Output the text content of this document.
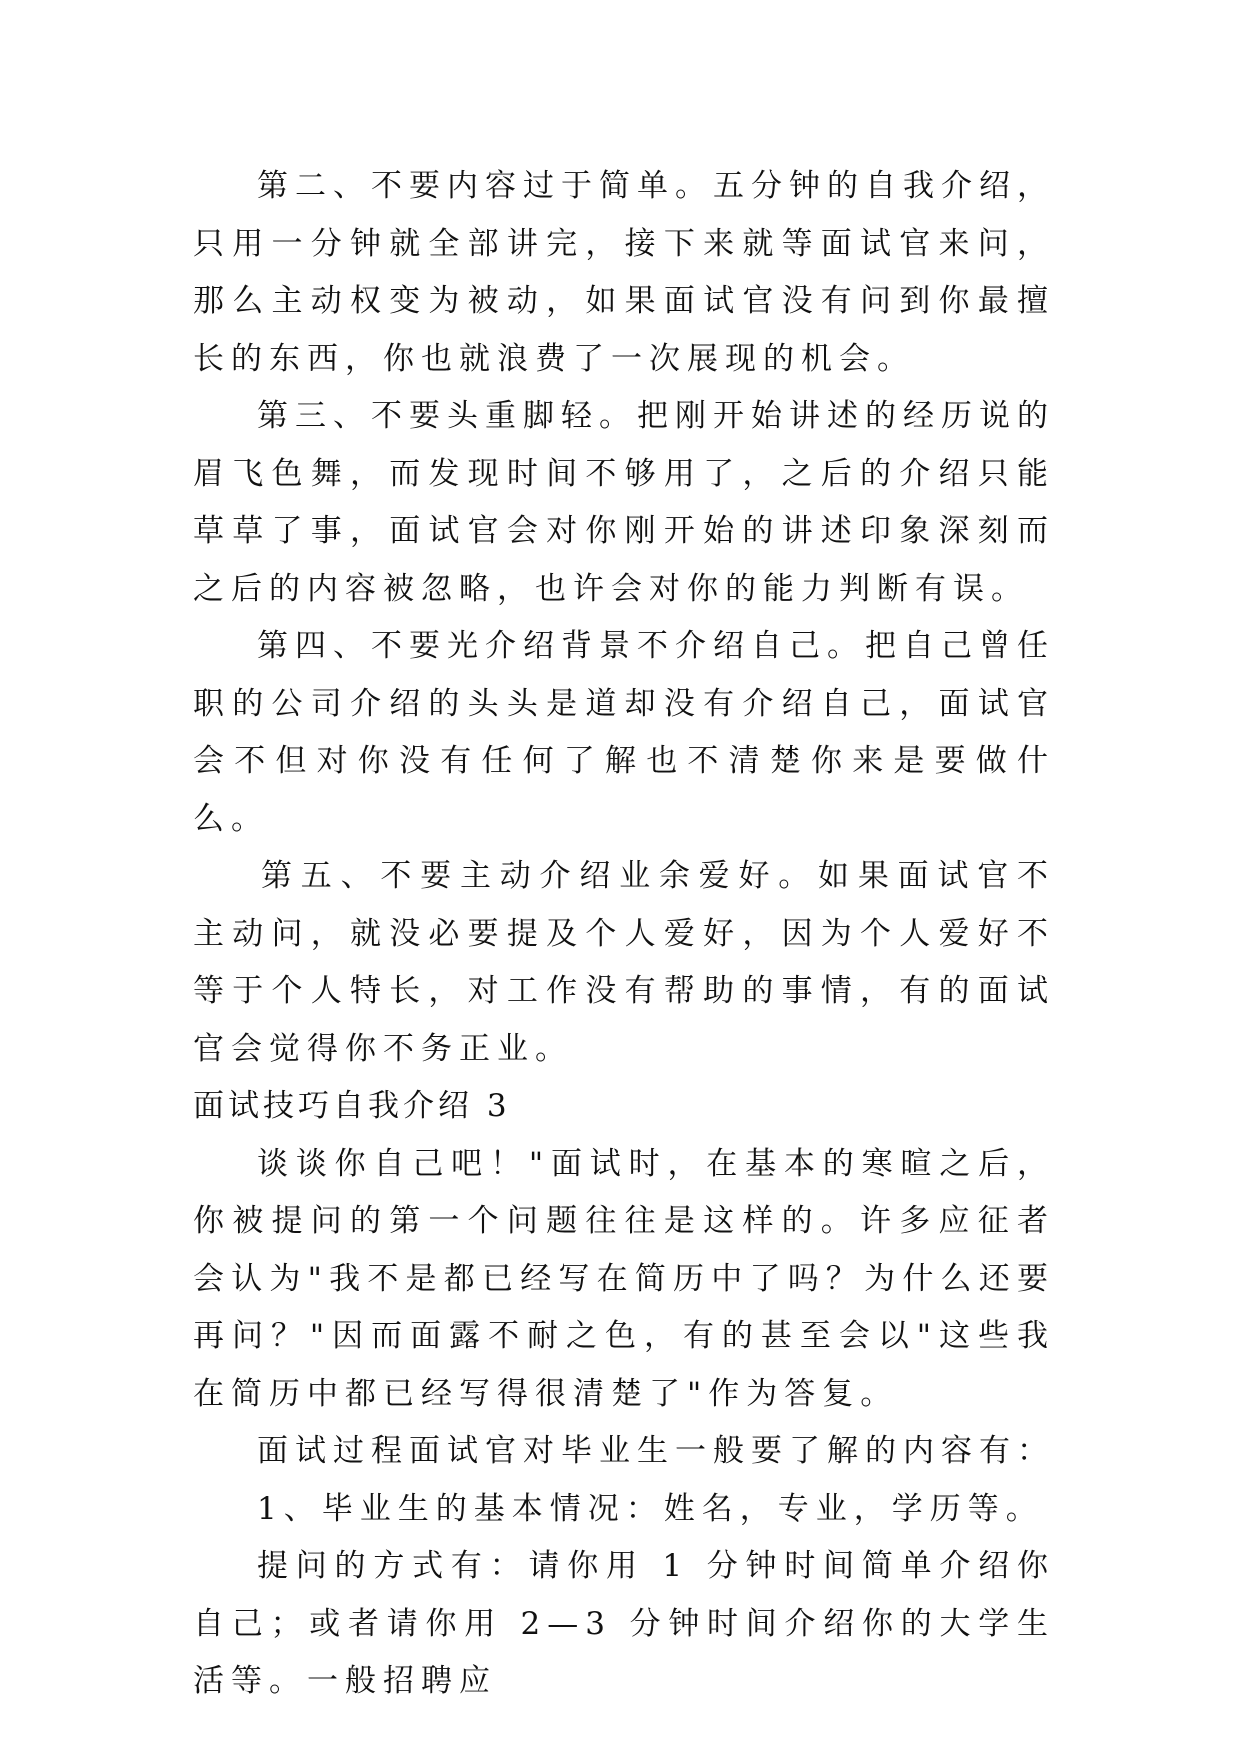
第二、不要内容过于简单。五分钟的自我介绍，只用一分钟就全部讲完，接下来就等面试官来问，那么主动权变为被动，如果面试官没有问到你最擅长的东西，你也就浪费了一次展现的机会。

第三、不要头重脚轻。把刚开始讲述的经历说的眉飞色舞，而发现时间不够用了，之后的介绍只能草草了事，面试官会对你刚开始的讲述印象深刻而之后的内容被忽略，也许会对你的能力判断有误。

第四、不要光介绍背景不介绍自己。把自己曾任职的公司介绍的头头是道却没有介绍自己，面试官会不但对你没有任何了解也不清楚你来是要做什么。

第五、不要主动介绍业余爱好。如果面试官不主动问，就没必要提及个人爱好，因为个人爱好不等于个人特长，对工作没有帮助的事情，有的面试官会觉得你不务正业。

面试技巧自我介绍 3

谈谈你自己吧！"面试时，在基本的寒暄之后，你被提问的第一个问题往往是这样的。许多应征者会认为"我不是都已经写在简历中了吗？为什么还要再问？"因而面露不耐之色，有的甚至会以"这些我在简历中都已经写得很清楚了"作为答复。

面试过程面试官对毕业生一般要了解的内容有：

1、毕业生的基本情况：姓名，专业，学历等。

提问的方式有：请你用 1 分钟时间简单介绍你自己；或者请你用 2—3 分钟时间介绍你的大学生活等。一般招聘应
